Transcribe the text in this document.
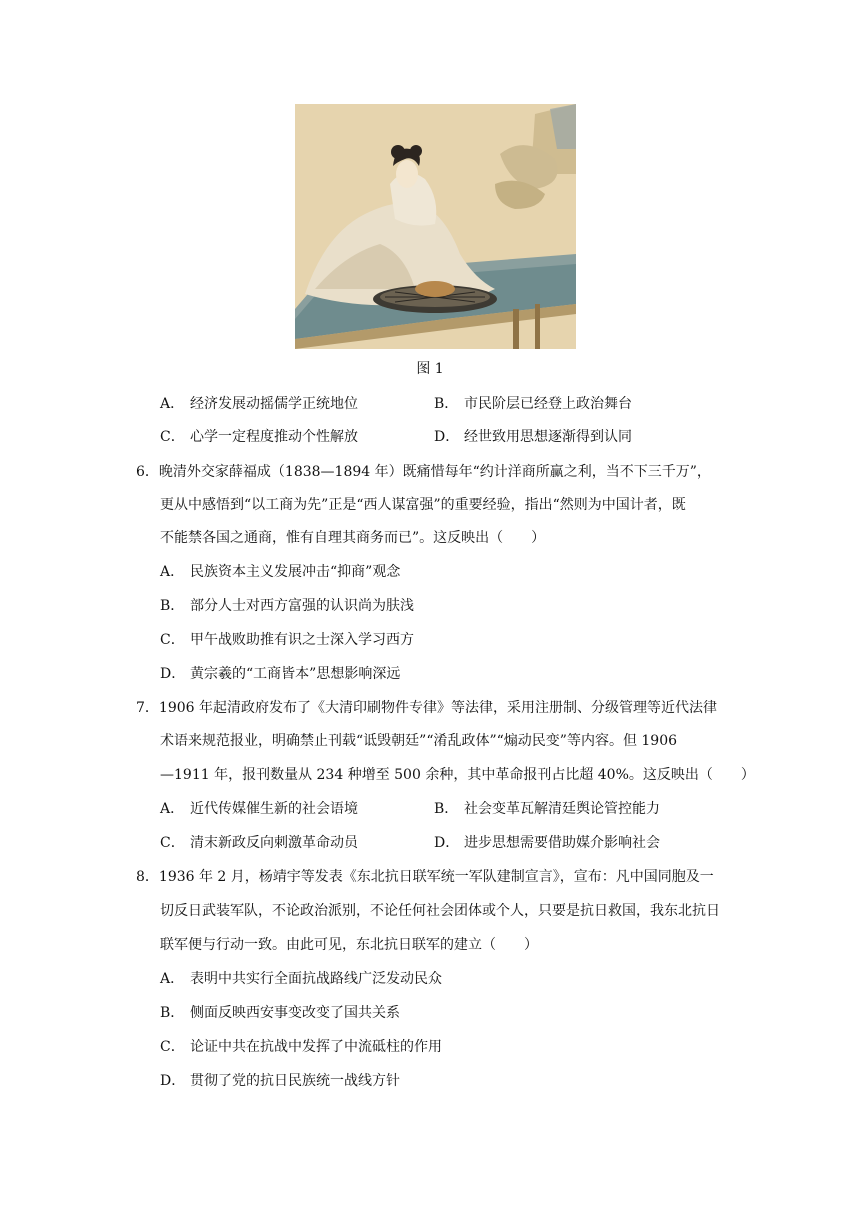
图 1
A． 经济发展动摇儒学正统地位	B． 市民阶层已经登上政治舞台
C． 心学一定程度推动个性解放	D． 经世致用思想逐渐得到认同
6．晚清外交家薛福成（1838—1894 年）既痛惜每年“约计洋商所赢之利，当不下三千万”，
更从中感悟到“以工商为先”正是“西人谋富强”的重要经验，指出“然则为中国计者，既
不能禁各国之通商，惟有自理其商务而已”。这反映出（　　）
A． 民族资本主义发展冲击“抑商”观念
B． 部分人士对西方富强的认识尚为肤浅
C． 甲午战败助推有识之士深入学习西方
D． 黄宗羲的“工商皆本”思想影响深远
7．1906 年起清政府发布了《大清印刷物件专律》等法律，采用注册制、分级管理等近代法律
术语来规范报业，明确禁止刊载“诋毁朝廷”“淆乱政体”“煽动民变”等内容。但 1906
—1911 年，报刊数量从 234 种增至 500 余种，其中革命报刊占比超 40%。这反映出（　　）
A． 近代传媒催生新的社会语境	B． 社会变革瓦解清廷舆论管控能力
C． 清末新政反向刺激革命动员	D． 进步思想需要借助媒介影响社会
8．1936 年 2 月，杨靖宇等发表《东北抗日联军统一军队建制宣言》，宣布：凡中国同胞及一
切反日武装军队，不论政治派别，不论任何社会团体或个人，只要是抗日救国，我东北抗日
联军便与行动一致。由此可见，东北抗日联军的建立（　　）
A． 表明中共实行全面抗战路线广泛发动民众
B． 侧面反映西安事变改变了国共关系
C． 论证中共在抗战中发挥了中流砥柱的作用
D． 贯彻了党的抗日民族统一战线方针
